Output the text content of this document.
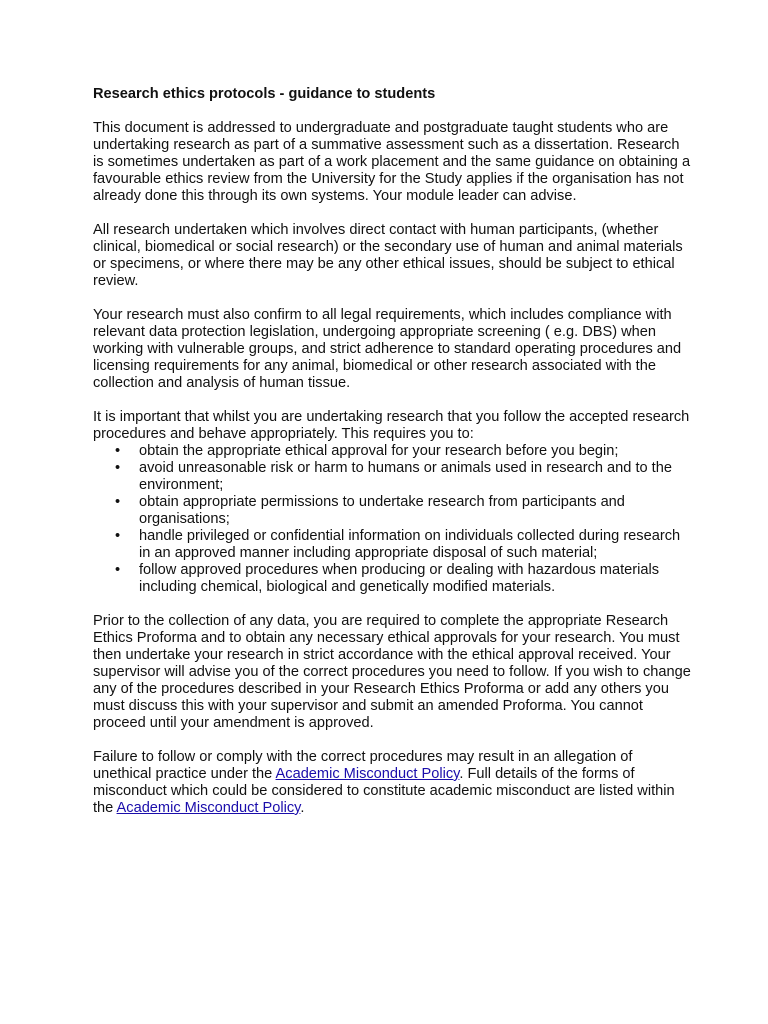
Research ethics protocols - guidance to students
This document is addressed to undergraduate and postgraduate taught students who are undertaking research as part of a summative assessment such as a dissertation. Research is sometimes undertaken as part of a work placement and the same guidance on obtaining a favourable ethics review from the University for the Study applies if the organisation has not already done this through its own systems. Your module leader can advise.
All research undertaken which involves direct contact with human participants, (whether clinical, biomedical or social research) or the secondary use of human and animal materials or specimens, or where there may be any other ethical issues, should be subject to ethical review.
Your research must also confirm to all legal requirements, which includes compliance with relevant data protection legislation, undergoing appropriate screening ( e.g. DBS) when working with vulnerable groups, and strict adherence to standard operating procedures and licensing requirements for any animal, biomedical or other research associated with the collection and analysis of human tissue.
It is important that whilst you are undertaking research that you follow the accepted research procedures and behave appropriately. This requires you to:
• obtain the appropriate ethical approval for your research before you begin;
• avoid unreasonable risk or harm to humans or animals used in research and to the environment;
• obtain appropriate permissions to undertake research from participants and organisations;
• handle privileged or confidential information on individuals collected during research in an approved manner including appropriate disposal of such material;
• follow approved procedures when producing or dealing with hazardous materials including chemical, biological and genetically modified materials.
Prior to the collection of any data, you are required to complete the appropriate Research Ethics Proforma and to obtain any necessary ethical approvals for your research. You must then undertake your research in strict accordance with the ethical approval received. Your supervisor will advise you of the correct procedures you need to follow. If you wish to change any of the procedures described in your Research Ethics Proforma or add any others you must discuss this with your supervisor and submit an amended Proforma. You cannot proceed until your amendment is approved.
Failure to follow or comply with the correct procedures may result in an allegation of unethical practice under the Academic Misconduct Policy. Full details of the forms of misconduct which could be considered to constitute academic misconduct are listed within the Academic Misconduct Policy.
